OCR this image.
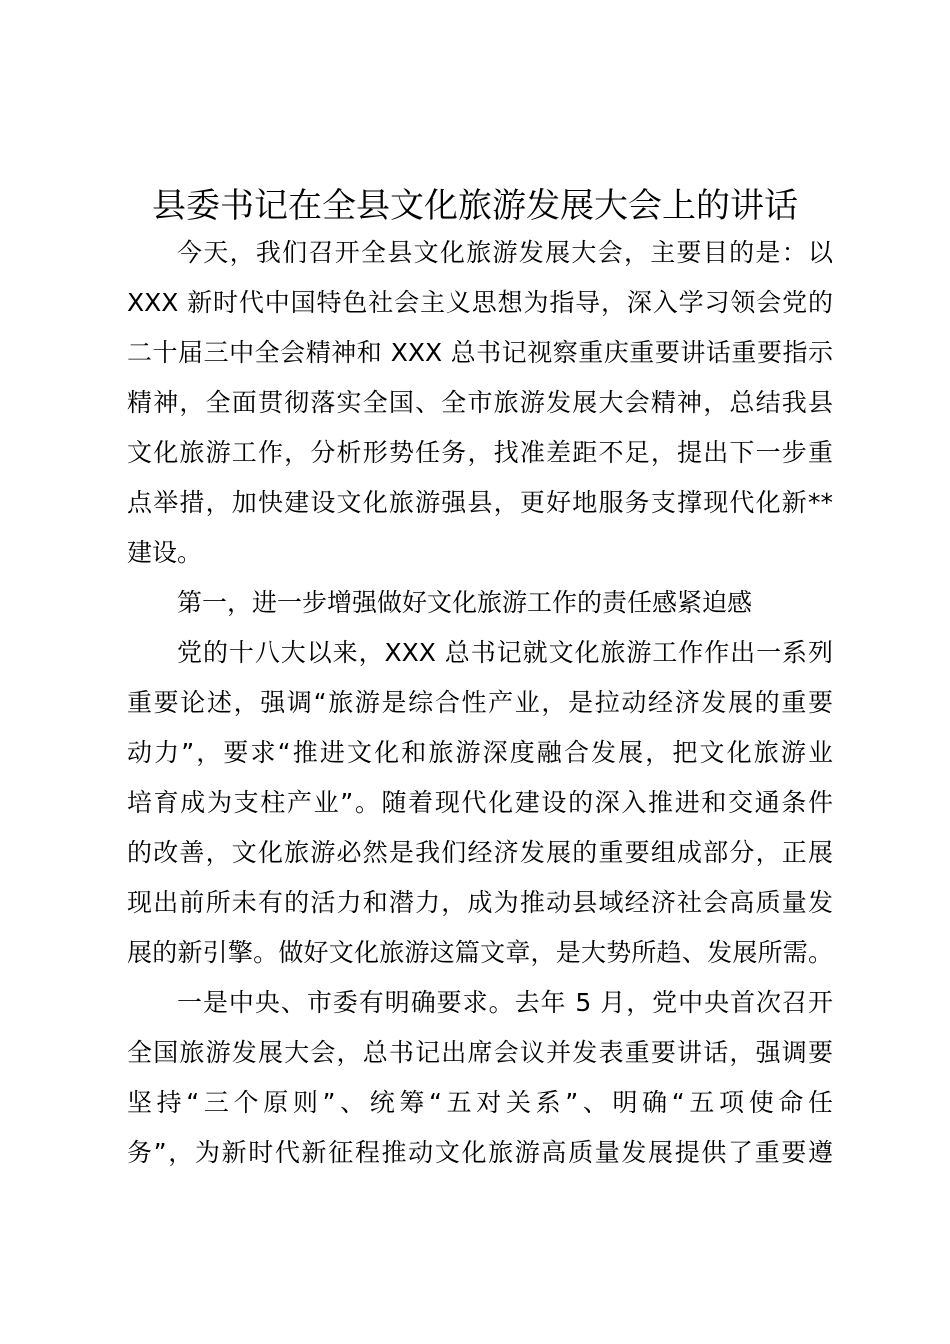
县委书记在全县文化旅游发展大会上的讲话

今天，我们召开全县文化旅游发展大会，主要目的是：以
XXX 新时代中国特色社会主义思想为指导，深入学习领会党的
二十届三中全会精神和 XXX 总书记视察重庆重要讲话重要指示
精神，全面贯彻落实全国、全市旅游发展大会精神，总结我县
文化旅游工作，分析形势任务，找准差距不足，提出下一步重
点举措，加快建设文化旅游强县，更好地服务支撑现代化新**
建设。

第一，进一步增强做好文化旅游工作的责任感紧迫感

党的十八大以来，XXX 总书记就文化旅游工作作出一系列
重要论述，强调“旅游是综合性产业，是拉动经济发展的重要
动力”，要求“推进文化和旅游深度融合发展，把文化旅游业
培育成为支柱产业”。随着现代化建设的深入推进和交通条件
的改善，文化旅游必然是我们经济发展的重要组成部分，正展
现出前所未有的活力和潜力，成为推动县域经济社会高质量发
展的新引擎。做好文化旅游这篇文章，是大势所趋、发展所需。

一是中央、市委有明确要求。去年 5 月，党中央首次召开
全国旅游发展大会，总书记出席会议并发表重要讲话，强调要
坚持“三个原则”、统筹“五对关系”、明确“五项使命任
务”，为新时代新征程推动文化旅游高质量发展提供了重要遵
